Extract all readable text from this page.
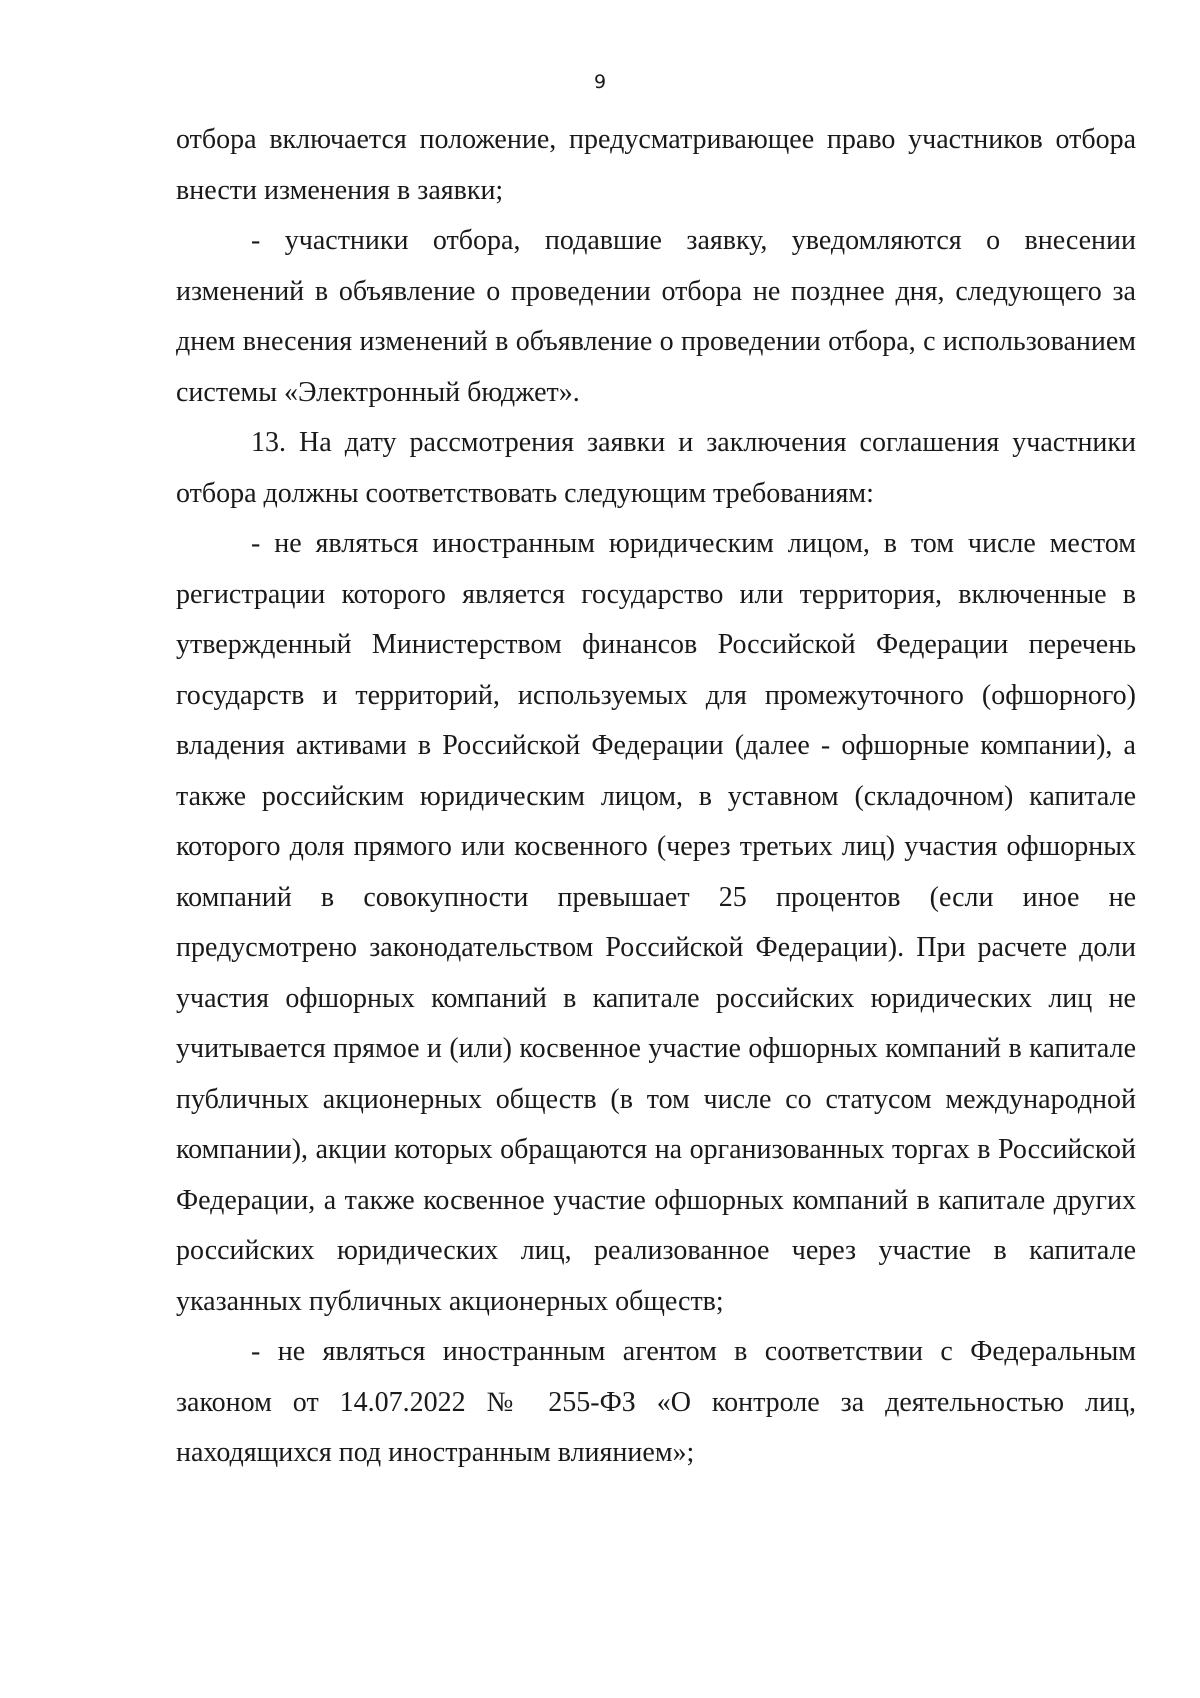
9

отбора включается положение, предусматривающее право участников отбора внести изменения в заявки;

- участники отбора, подавшие заявку, уведомляются о внесении изменений в объявление о проведении отбора не позднее дня, следующего за днем внесения изменений в объявление о проведении отбора, с использованием системы «Электронный бюджет».

13. На дату рассмотрения заявки и заключения соглашения участники отбора должны соответствовать следующим требованиям:

- не являться иностранным юридическим лицом, в том числе местом регистрации которого является государство или территория, включенные в утвержденный Министерством финансов Российской Федерации перечень государств и территорий, используемых для промежуточного (офшорного) владения активами в Российской Федерации (далее - офшорные компании), а также российским юридическим лицом, в уставном (складочном) капитале которого доля прямого или косвенного (через третьих лиц) участия офшорных компаний в совокупности превышает 25 процентов (если иное не предусмотрено законодательством Российской Федерации). При расчете доли участия офшорных компаний в капитале российских юридических лиц не учитывается прямое и (или) косвенное участие офшорных компаний в капитале публичных акционерных обществ (в том числе со статусом международной компании), акции которых обращаются на организованных торгах в Российской Федерации, а также косвенное участие офшорных компаний в капитале других российских юридических лиц, реализованное через участие в капитале указанных публичных акционерных обществ;

- не являться иностранным агентом в соответствии с Федеральным законом от 14.07.2022 № 255-ФЗ «О контроле за деятельностью лиц, находящихся под иностранным влиянием»;
